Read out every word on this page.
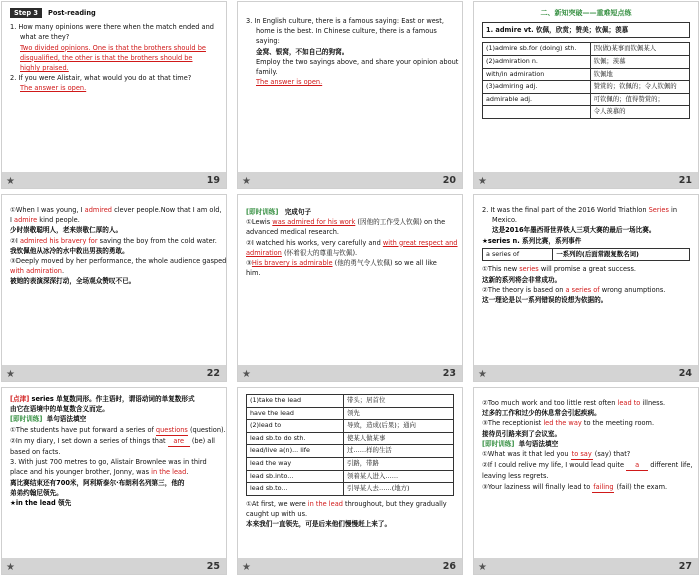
Step 3 Post-reading
1. How many opinions were there when the match ended and
what are they?
Two divided opinions. One is that the brothers should be
disqualified, the other is that the brothers should be
highly praised.
2. If you were Alistair, what would you do at that time?
The answer is open.
★	19
3. In English culture, there is a famous saying: East or west,
home is the best. In Chinese culture, there is a famous
saying:
金窝、银窝，不如自己的狗窝。
Employ the two sayings above, and share your opinion about
family.
The answer is open.
★	20
二、新知突破——重难短点练
1. admire vt. 钦佩，欣赏；赞美；钦佩；羡慕
(1)admire sb.for (doing) sth.	因(做)某事而钦佩某人
(2)admiration n.	钦佩；羡慕
with/in admiration	钦佩地
(3)admiring adj.	赞赏的；钦佩的；令人钦佩的
admirable adj.	可钦佩的；值得赞赏的；
	令人羡慕的
★	21
①When I was young, I admired clever people.Now that I am old,
I admire kind people.
少时崇敬聪明人，老来崇敬仁厚的人。
②I admired his bravery for saving the boy from the cold water.
我钦佩他从冰冷的水中救出男孩的勇敢。
③Deeply moved by her performance, the whole audience gasped
with admiration.
被她的表演深深打动，全场观众赞叹不已。
★	22
[即时训练] 完成句子
①Lewis was admired for his work (因他的工作受人钦佩) on the
advanced medical research.
②I watched his works, very carefully and with great respect and
admiration (怀着很大的尊重与钦佩).
③His bravery is admirable (他的勇气令人钦佩) so we all like
him.
★	23
2. It was the final part of the 2016 World Triathlon Series in
Mexico.
这是2016年墨西哥世界铁人三项大赛的最后一场比赛。
★series n. 系列比赛，系列事件
a series of	一系列的(后面常跟复数名词)
①This new series will promise a great success.
这新的系列将会非常成功。
②The theory is based on a series of wrong anumptions.
这一理论是以一系列错误的设想为依据的。
★	24
[点津] series 单复数同形。作主语时，谓语动词的单复数形式
由它在语境中的单复数含义而定。
[即时训练] 单句语法填空
①The students have put forward a series of questions (question).
②In my diary, I set down a series of things that are (be) all
based on facts.
3. With just 700 metres to go, Alistair Brownlee was in third
place and his younger brother, Jonny, was in the lead.
离比赛结束还有700米，阿利斯泰尔·布朗利名列第三，他的
弟弟约翰尼领先。
★in the lead 领先
★	25
(1)take the lead	带头；居首位
have the lead	领先
(2)lead to	导致，造成(后果)；通向
lead sb.to do sth.	使某人做某事
lead/live a(n)... life	过……样的生活
lead the way	引路，带路
lead sb.into...	领着某人进入……
lead sb.to...	引导某人去……(地方)
①At first, we were in the lead throughout, but they gradually
caught up with us.
本来我们一直领先，可是后来他们慢慢赶上来了。
★	26
②Too much work and too little rest often lead to illness.
过多的工作和过少的休息常会引起疾病。
③The receptionist led the way to the meeting room.
接待员引路来到了会议室。
[即时训练] 单句语法填空
①What was it that led you to say (say) that?
②If I could relive my life, I would lead quite a different life,
leaving less regrets.
③Your laziness will finally lead to failing (fail) the exam.
★	27
